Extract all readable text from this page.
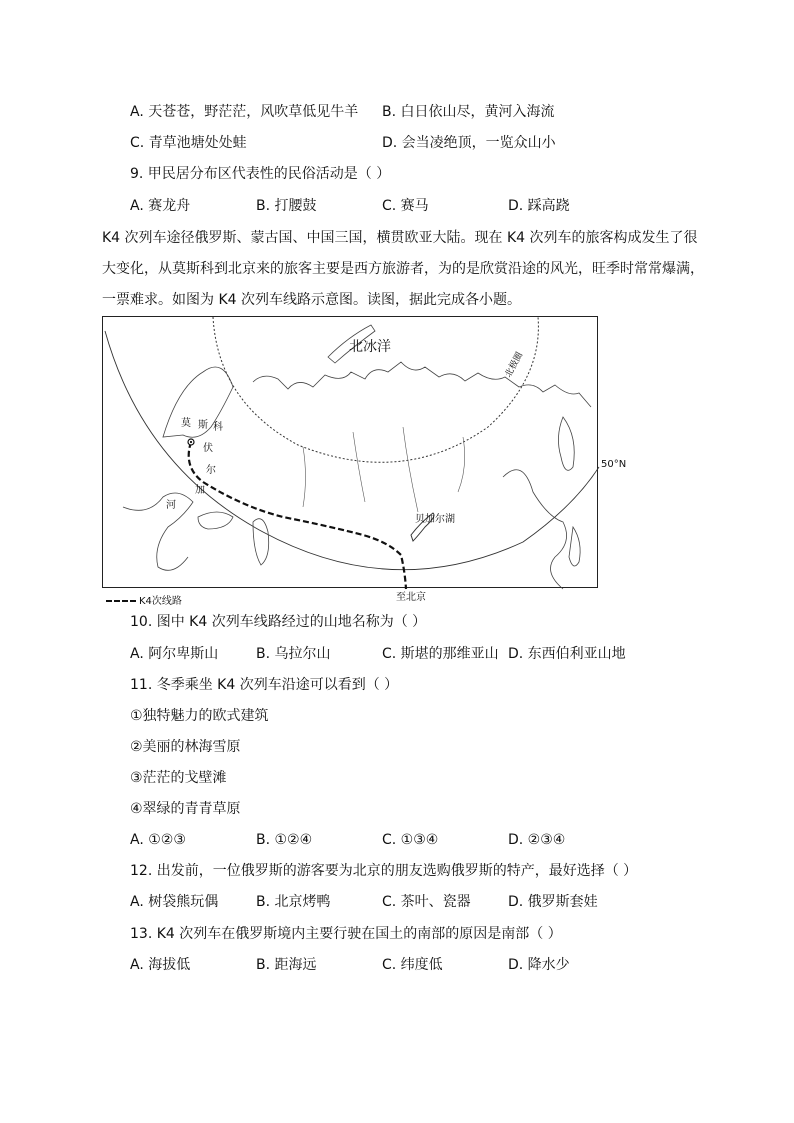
A. 天苍苍，野茫茫，风吹草低见牛羊 B. 白日依山尽，黄河入海流
C. 青草池塘处处蛙	D. 会当凌绝顶，一览众山小
9. 甲民居分布区代表性的民俗活动是（ ）
A. 赛龙舟	B. 打腰鼓	C. 赛马	D. 踩高跷
K4 次列车途径俄罗斯、蒙古国、中国三国，横贯欧亚大陆。现在 K4 次列车的旅客构成发生了很
大变化，从莫斯科到北京来的旅客主要是西方旅游者，为的是欣赏沿途的风光，旺季时常常爆满，
一票难求。如图为 K4 次列车线路示意图。读图，据此完成各小题。
北冰洋
北极圈
50°N
莫 斯 科
伏
尔
加
河
贝加尔湖
至北京
K4次线路
10. 图中 K4 次列车线路经过的山地名称为（ ）
A. 阿尔卑斯山	B. 乌拉尔山	C. 斯堪的那维亚山 D. 东西伯利亚山地
11. 冬季乘坐 K4 次列车沿途可以看到（ ）
①独特魅力的欧式建筑
②美丽的林海雪原
③茫茫的戈壁滩
④翠绿的青青草原
A. ①②③	B. ①②④	C. ①③④	D. ②③④
12. 出发前，一位俄罗斯的游客要为北京的朋友选购俄罗斯的特产，最好选择（ ）
A. 树袋熊玩偶	B. 北京烤鸭	C. 茶叶、瓷器	D. 俄罗斯套娃
13. K4 次列车在俄罗斯境内主要行驶在国土的南部的原因是南部（ ）
A. 海拔低	B. 距海远	C. 纬度低	D. 降水少
